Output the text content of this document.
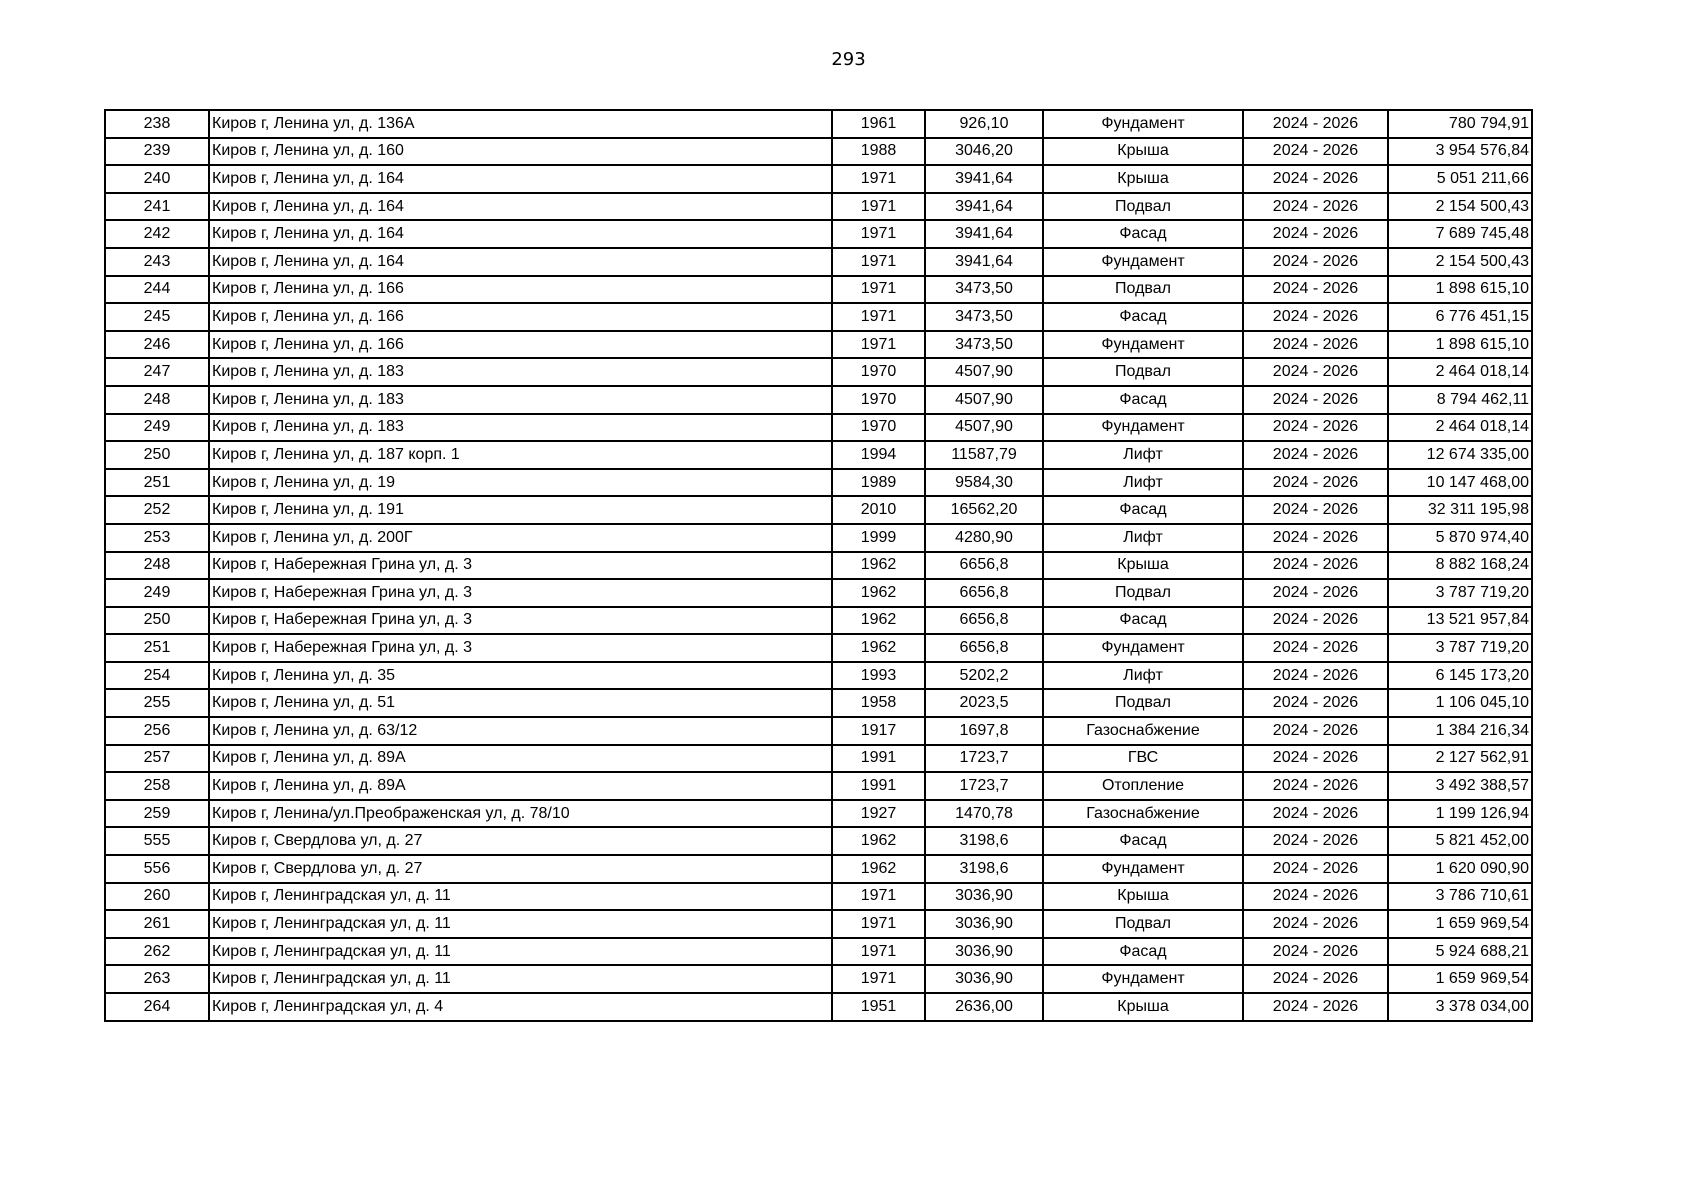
293
238	Киров г, Ленина ул, д. 136А	1961	926,10	Фундамент	2024 - 2026	780 794,91
239	Киров г, Ленина ул, д. 160	1988	3046,20	Крыша	2024 - 2026	3 954 576,84
240	Киров г, Ленина ул, д. 164	1971	3941,64	Крыша	2024 - 2026	5 051 211,66
241	Киров г, Ленина ул, д. 164	1971	3941,64	Подвал	2024 - 2026	2 154 500,43
242	Киров г, Ленина ул, д. 164	1971	3941,64	Фасад	2024 - 2026	7 689 745,48
243	Киров г, Ленина ул, д. 164	1971	3941,64	Фундамент	2024 - 2026	2 154 500,43
244	Киров г, Ленина ул, д. 166	1971	3473,50	Подвал	2024 - 2026	1 898 615,10
245	Киров г, Ленина ул, д. 166	1971	3473,50	Фасад	2024 - 2026	6 776 451,15
246	Киров г, Ленина ул, д. 166	1971	3473,50	Фундамент	2024 - 2026	1 898 615,10
247	Киров г, Ленина ул, д. 183	1970	4507,90	Подвал	2024 - 2026	2 464 018,14
248	Киров г, Ленина ул, д. 183	1970	4507,90	Фасад	2024 - 2026	8 794 462,11
249	Киров г, Ленина ул, д. 183	1970	4507,90	Фундамент	2024 - 2026	2 464 018,14
250	Киров г, Ленина ул, д. 187 корп. 1	1994	11587,79	Лифт	2024 - 2026	12 674 335,00
251	Киров г, Ленина ул, д. 19	1989	9584,30	Лифт	2024 - 2026	10 147 468,00
252	Киров г, Ленина ул, д. 191	2010	16562,20	Фасад	2024 - 2026	32 311 195,98
253	Киров г, Ленина ул, д. 200Г	1999	4280,90	Лифт	2024 - 2026	5 870 974,40
248	Киров г, Набережная Грина ул, д. 3	1962	6656,8	Крыша	2024 - 2026	8 882 168,24
249	Киров г, Набережная Грина ул, д. 3	1962	6656,8	Подвал	2024 - 2026	3 787 719,20
250	Киров г, Набережная Грина ул, д. 3	1962	6656,8	Фасад	2024 - 2026	13 521 957,84
251	Киров г, Набережная Грина ул, д. 3	1962	6656,8	Фундамент	2024 - 2026	3 787 719,20
254	Киров г, Ленина ул, д. 35	1993	5202,2	Лифт	2024 - 2026	6 145 173,20
255	Киров г, Ленина ул, д. 51	1958	2023,5	Подвал	2024 - 2026	1 106 045,10
256	Киров г, Ленина ул, д. 63/12	1917	1697,8	Газоснабжение	2024 - 2026	1 384 216,34
257	Киров г, Ленина ул, д. 89А	1991	1723,7	ГВС	2024 - 2026	2 127 562,91
258	Киров г, Ленина ул, д. 89А	1991	1723,7	Отопление	2024 - 2026	3 492 388,57
259	Киров г, Ленина/ул.Преображенская ул, д. 78/10	1927	1470,78	Газоснабжение	2024 - 2026	1 199 126,94
555	Киров г, Свердлова ул, д. 27	1962	3198,6	Фасад	2024 - 2026	5 821 452,00
556	Киров г, Свердлова ул, д. 27	1962	3198,6	Фундамент	2024 - 2026	1 620 090,90
260	Киров г, Ленинградская ул, д. 11	1971	3036,90	Крыша	2024 - 2026	3 786 710,61
261	Киров г, Ленинградская ул, д. 11	1971	3036,90	Подвал	2024 - 2026	1 659 969,54
262	Киров г, Ленинградская ул, д. 11	1971	3036,90	Фасад	2024 - 2026	5 924 688,21
263	Киров г, Ленинградская ул, д. 11	1971	3036,90	Фундамент	2024 - 2026	1 659 969,54
264	Киров г, Ленинградская ул, д. 4	1951	2636,00	Крыша	2024 - 2026	3 378 034,00
